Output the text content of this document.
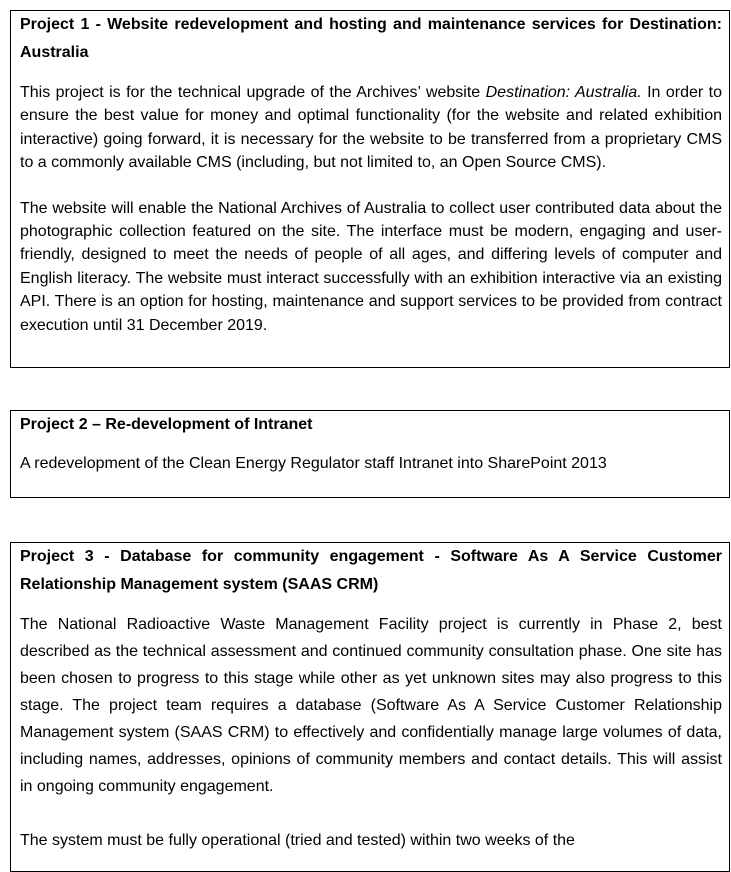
Project 1 - Website redevelopment and hosting and maintenance services for Destination: Australia

This project is for the technical upgrade of the Archives’ website Destination: Australia. In order to ensure the best value for money and optimal functionality (for the website and related exhibition interactive) going forward, it is necessary for the website to be transferred from a proprietary CMS to a commonly available CMS (including, but not limited to, an Open Source CMS).

The website will enable the National Archives of Australia to collect user contributed data about the photographic collection featured on the site. The interface must be modern, engaging and user-friendly, designed to meet the needs of people of all ages, and differing levels of computer and English literacy. The website must interact successfully with an exhibition interactive via an existing API. There is an option for hosting, maintenance and support services to be provided from contract execution until 31 December 2019.

Project 2 – Re-development of Intranet

A redevelopment of the Clean Energy Regulator staff Intranet into SharePoint 2013

Project 3 - Database for community engagement - Software As A Service Customer Relationship Management system (SAAS CRM)

The National Radioactive Waste Management Facility project is currently in Phase 2, best described as the technical assessment and continued community consultation phase. One site has been chosen to progress to this stage while other as yet unknown sites may also progress to this stage. The project team requires a database (Software As A Service Customer Relationship Management system (SAAS CRM) to effectively and confidentially manage large volumes of data, including names, addresses, opinions of community members and contact details. This will assist in ongoing community engagement.

The system must be fully operational (tried and tested) within two weeks of the
